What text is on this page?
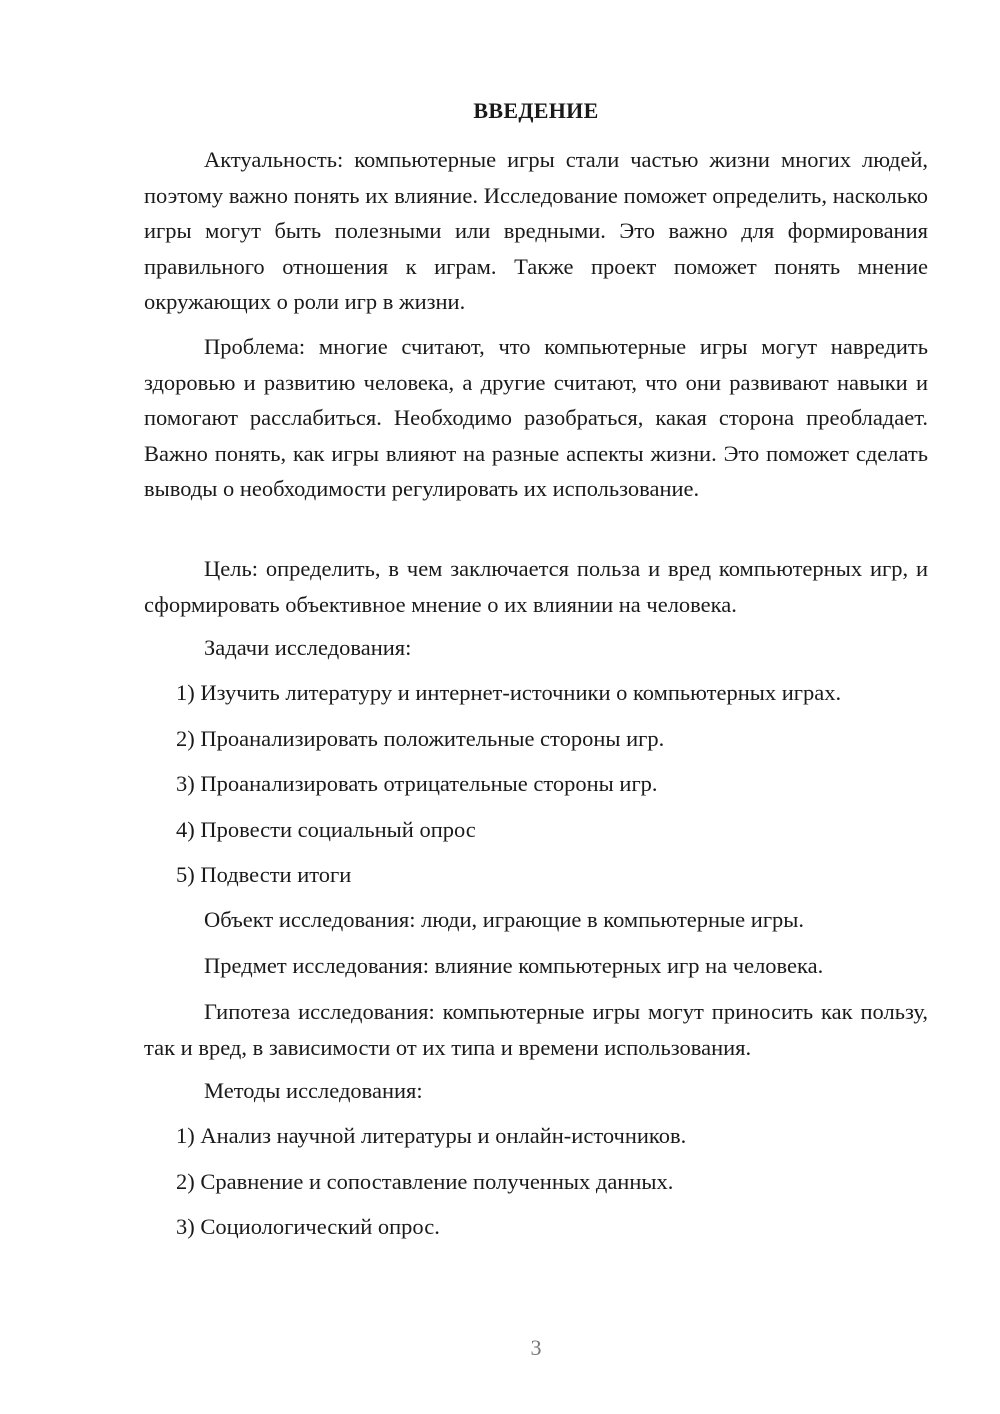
ВВЕДЕНИЕ

Актуальность: компьютерные игры стали частью жизни многих людей, поэтому важно понять их влияние. Исследование поможет определить, насколько игры могут быть полезными или вредными. Это важно для формирования правильного отношения к играм. Также проект поможет понять мнение окружающих о роли игр в жизни.

Проблема: многие считают, что компьютерные игры могут навредить здоровью и развитию человека, а другие считают, что они развивают навыки и помогают расслабиться. Необходимо разобраться, какая сторона преобладает. Важно понять, как игры влияют на разные аспекты жизни. Это поможет сделать выводы о необходимости регулировать их использование.

Цель: определить, в чем заключается польза и вред компьютерных игр, и сформировать объективное мнение о их влиянии на человека.

Задачи исследования:
1) Изучить литературу и интернет-источники о компьютерных играх.
2) Проанализировать положительные стороны игр.
3) Проанализировать отрицательные стороны игр.
4) Провести социальный опрос
5) Подвести итоги
Объект исследования: люди, играющие в компьютерные игры.
Предмет исследования: влияние компьютерных игр на человека.

Гипотеза исследования: компьютерные игры могут приносить как пользу, так и вред, в зависимости от их типа и времени использования.

Методы исследования:
1) Анализ научной литературы и онлайн-источников.
2) Сравнение и сопоставление полученных данных.
3) Социологический опрос.
3
